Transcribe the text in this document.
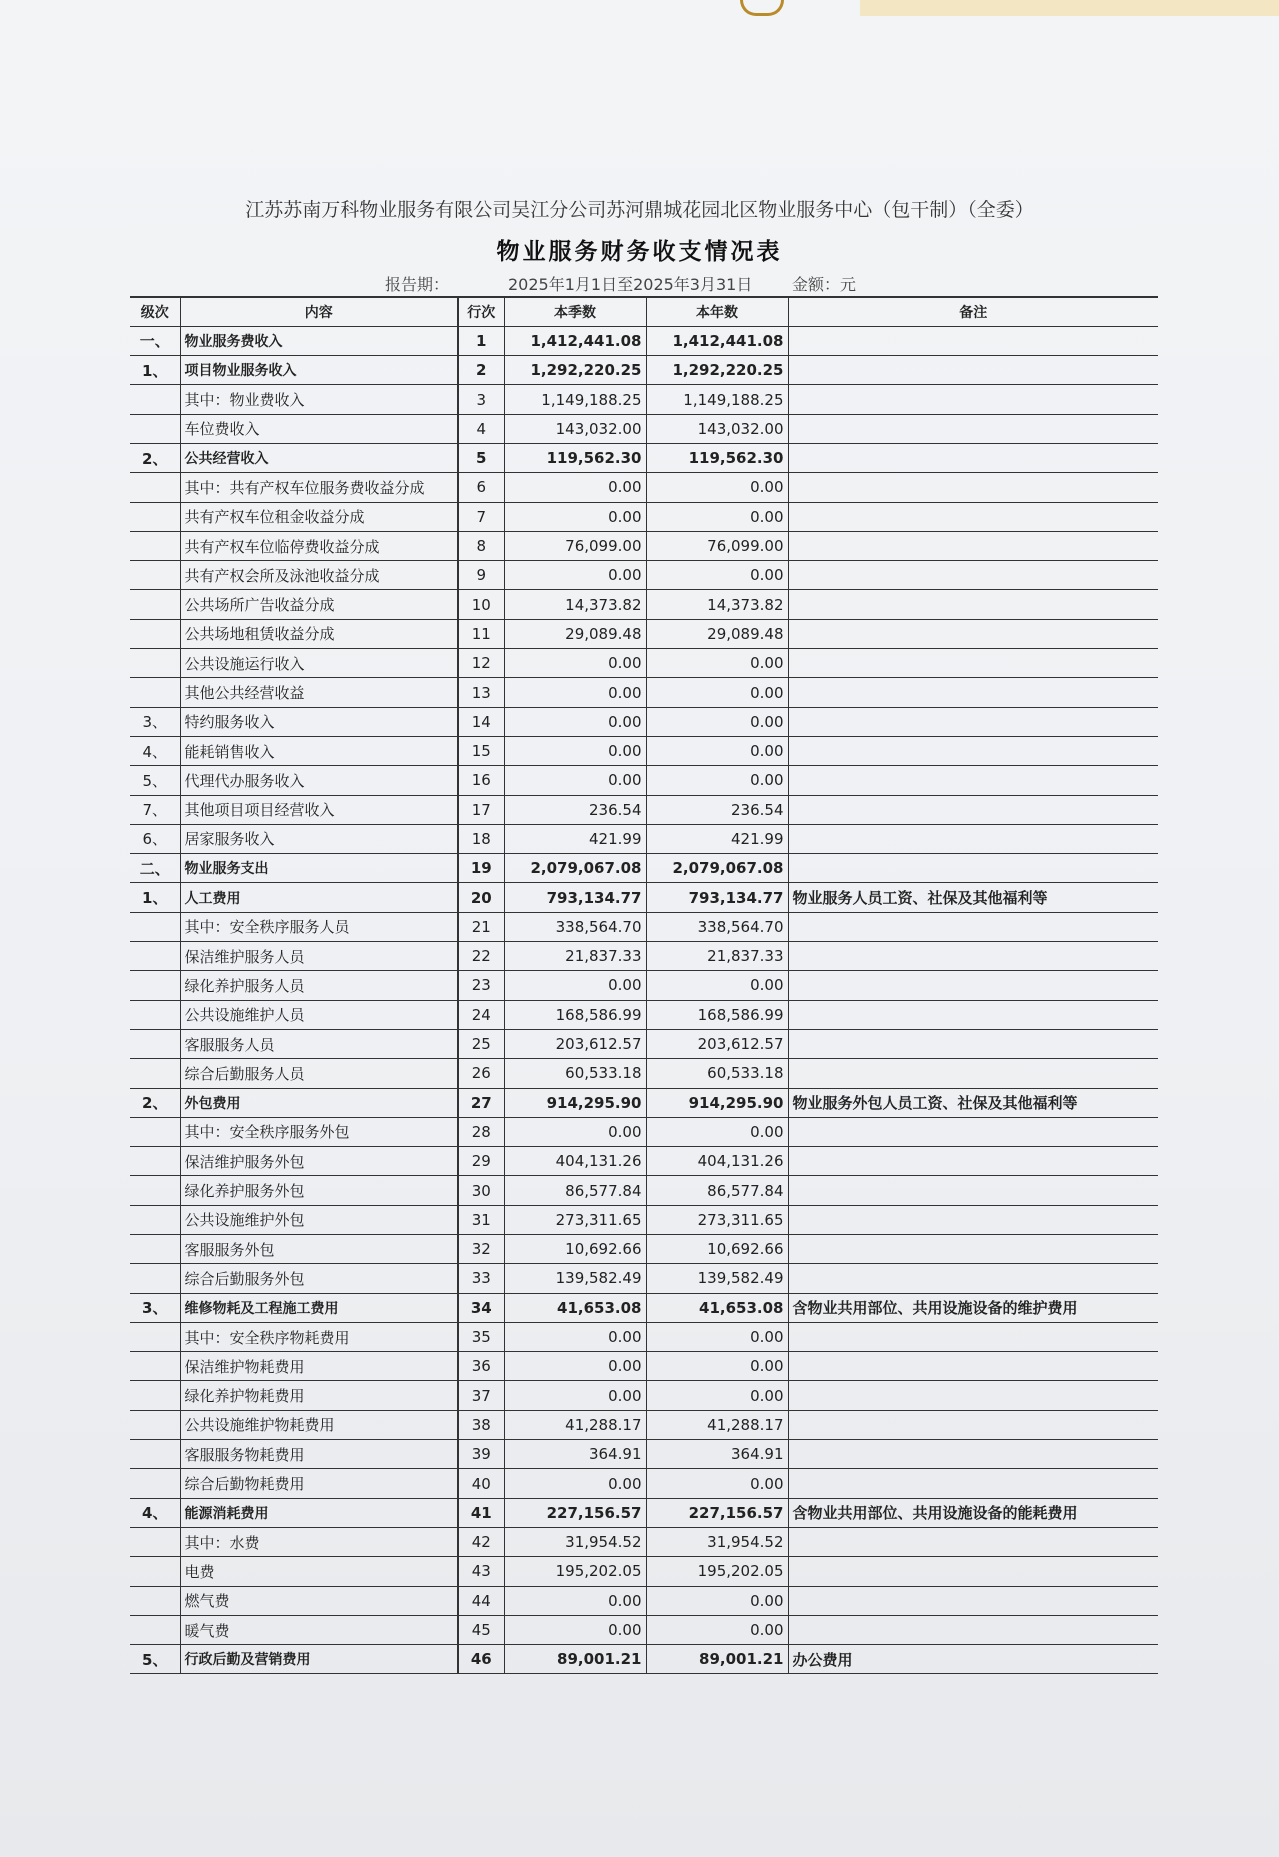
江苏苏南万科物业服务有限公司吴江分公司苏河鼎城花园北区物业服务中心（包干制）（全委）
物业服务财务收支情况表
报告期：	2025年1月1日至2025年3月31日 金额：元
级次	内容	行次	本季数	本年数	备注
一、	物业服务费收入	1	1,412,441.08	1,412,441.08	
1、	项目物业服务收入	2	1,292,220.25	1,292,220.25	
	其中：物业费收入	3	1,149,188.25	1,149,188.25	
	车位费收入	4	143,032.00	143,032.00	
2、	公共经营收入	5	119,562.30	119,562.30	
	其中：共有产权车位服务费收益分成	6	0.00	0.00	
	共有产权车位租金收益分成	7	0.00	0.00	
	共有产权车位临停费收益分成	8	76,099.00	76,099.00	
	共有产权会所及泳池收益分成	9	0.00	0.00	
	公共场所广告收益分成	10	14,373.82	14,373.82	
	公共场地租赁收益分成	11	29,089.48	29,089.48	
	公共设施运行收入	12	0.00	0.00	
	其他公共经营收益	13	0.00	0.00	
3、	特约服务收入	14	0.00	0.00	
4、	能耗销售收入	15	0.00	0.00	
5、	代理代办服务收入	16	0.00	0.00	
7、	其他项目项目经营收入	17	236.54	236.54	
6、	居家服务收入	18	421.99	421.99	
二、	物业服务支出	19	2,079,067.08	2,079,067.08	
1、	人工费用	20	793,134.77	793,134.77	物业服务人员工资、社保及其他福利等
	其中：安全秩序服务人员	21	338,564.70	338,564.70	
	保洁维护服务人员	22	21,837.33	21,837.33	
	绿化养护服务人员	23	0.00	0.00	
	公共设施维护人员	24	168,586.99	168,586.99	
	客服服务人员	25	203,612.57	203,612.57	
	综合后勤服务人员	26	60,533.18	60,533.18	
2、	外包费用	27	914,295.90	914,295.90	物业服务外包人员工资、社保及其他福利等
	其中：安全秩序服务外包	28	0.00	0.00	
	保洁维护服务外包	29	404,131.26	404,131.26	
	绿化养护服务外包	30	86,577.84	86,577.84	
	公共设施维护外包	31	273,311.65	273,311.65	
	客服服务外包	32	10,692.66	10,692.66	
	综合后勤服务外包	33	139,582.49	139,582.49	
3、	维修物耗及工程施工费用	34	41,653.08	41,653.08	含物业共用部位、共用设施设备的维护费用
	其中：安全秩序物耗费用	35	0.00	0.00	
	保洁维护物耗费用	36	0.00	0.00	
	绿化养护物耗费用	37	0.00	0.00	
	公共设施维护物耗费用	38	41,288.17	41,288.17	
	客服服务物耗费用	39	364.91	364.91	
	综合后勤物耗费用	40	0.00	0.00	
4、	能源消耗费用	41	227,156.57	227,156.57	含物业共用部位、共用设施设备的能耗费用
	其中：水费	42	31,954.52	31,954.52	
	电费	43	195,202.05	195,202.05	
	燃气费	44	0.00	0.00	
	暖气费	45	0.00	0.00	
5、	行政后勤及营销费用	46	89,001.21	89,001.21	办公费用
